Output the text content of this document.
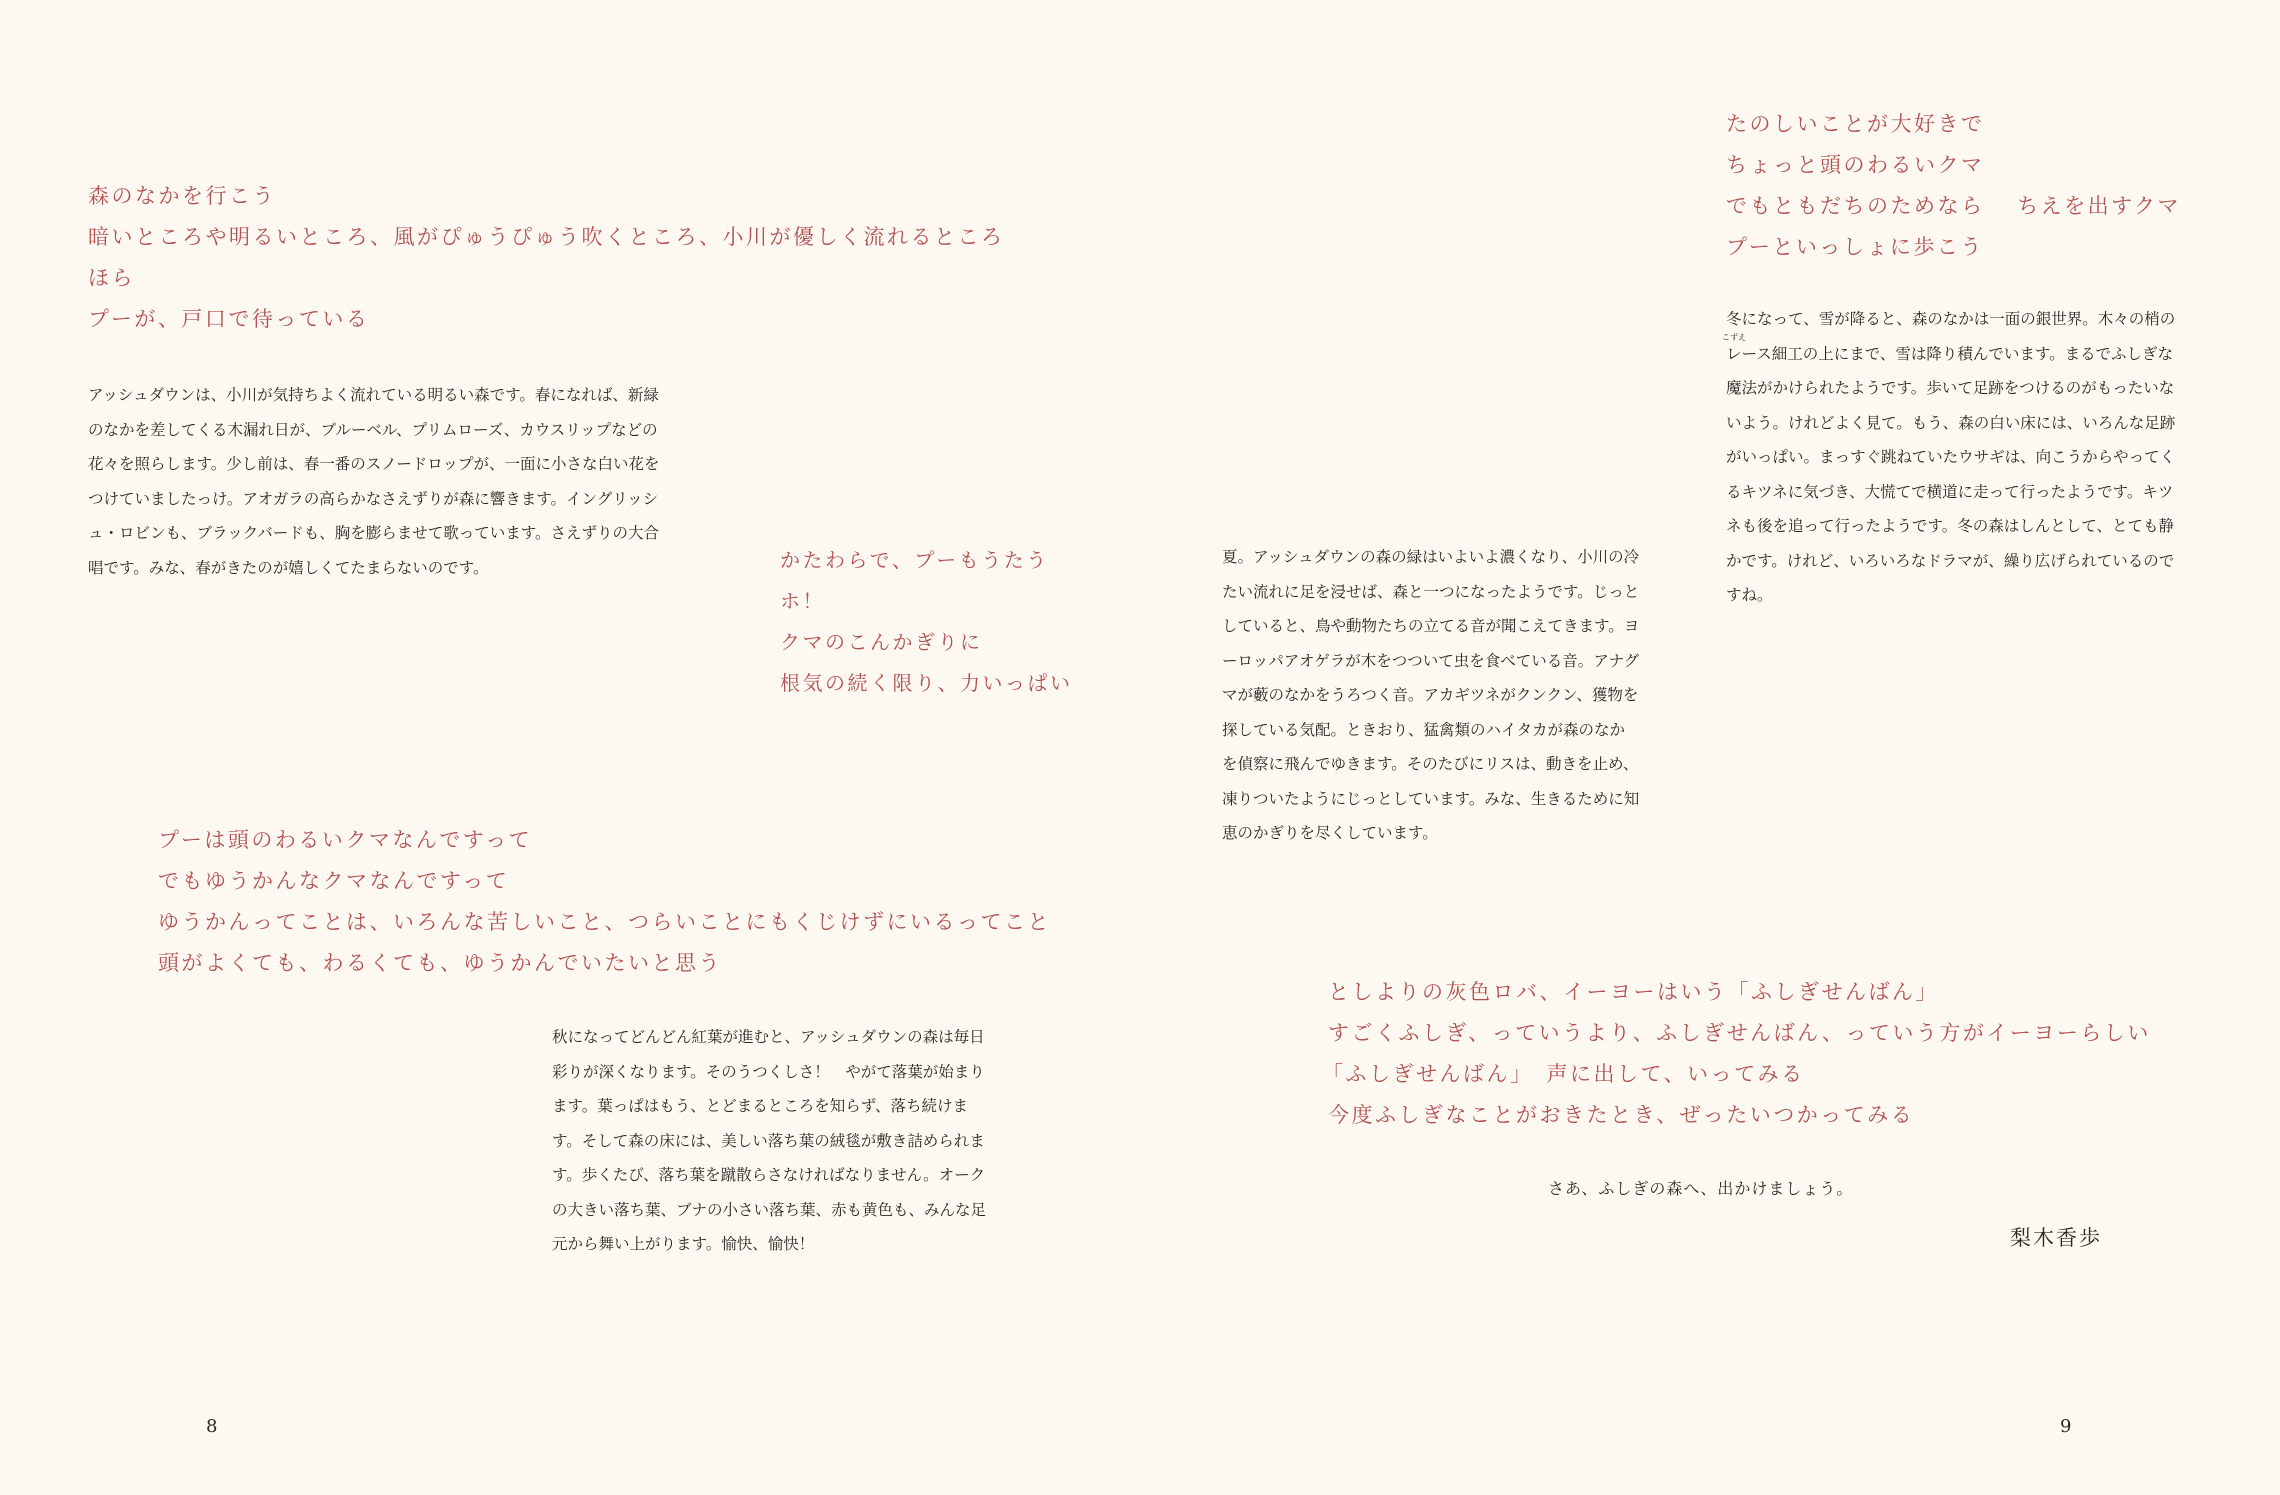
森のなかを行こう
暗いところや明るいところ、風がぴゅうぴゅう吹くところ、小川が優しく流れるところ
ほら
プーが、戸口で待っている

アッシュダウンは、小川が気持ちよく流れている明るい森です。春になれば、新緑のなかを差してくる木漏れ日が、ブルーベル、プリムローズ、カウスリップなどの花々を照らします。少し前は、春一番のスノードロップが、一面に小さな白い花をつけていましたっけ。アオガラの高らかなさえずりが森に響きます。イングリッシュ・ロビンも、ブラックバードも、胸を膨らませて歌っています。さえずりの大合唱です。みな、春がきたのが嬉しくてたまらないのです。	かたわらで、プーもうたう
ホ！
クマのこんかぎりに
根気の続く限り、力いっぱい
プーは頭のわるいクマなんですって
でもゆうかんなクマなんですって
ゆうかんってことは、いろんな苦しいこと、つらいことにもくじけずにいるってこと
頭がよくても、わるくても、ゆうかんでいたいと思う

秋になってどんどん紅葉が進むと、アッシュダウンの森は毎日彩りが深くなります。そのうつくしさ！　やがて落葉が始まります。葉っぱはもう、とどまるところを知らず、落ち続けます。そして森の床には、美しい落ち葉の絨毯が敷き詰められます。歩くたび、落ち葉を蹴散らさなければなりません。オークの大きい落ち葉、ブナの小さい落ち葉、赤も黄色も、みんな足元から舞い上がります。愉快、愉快！

8

夏。アッシュダウンの森の緑はいよいよ濃くなり、小川の冷たい流れに足を浸せば、森と一つになったようです。じっとしていると、鳥や動物たちの立てる音が聞こえてきます。ヨーロッパアオゲラが木をつついて虫を食べている音。アナグマが藪のなかをうろつく音。アカギツネがクンクン、獲物を探している気配。ときおり、猛禽類のハイタカが森のなかを偵察に飛んでゆきます。そのたびにリスは、動きを止め、凍りついたようにじっとしています。みな、生きるために知恵のかぎりを尽くしています。

たのしいことが大好きで
ちょっと頭のわるいクマ
でもともだちのためなら　 ちえを出すクマ
プーといっしょに歩こう

冬になって、雪が降ると、森のなかは一面の銀世界。木々の梢のレース細工の上にまで、雪は降り積んでいます。まるでふしぎな魔法がかけられたようです。歩いて足跡をつけるのがもったいないよう。けれどよく見て。もう、森の白い床には、いろんな足跡がいっぱい。まっすぐ跳ねていたウサギは、向こうからやってくるキツネに気づき、大慌てで横道に走って行ったようです。キツネも後を追って行ったようです。冬の森はしんとして、とても静かです。けれど、いろいろなドラマが、繰り広げられているのですね。

こずえ
としよりの灰色ロバ、イーヨーはいう「ふしぎせんばん」
すごくふしぎ、っていうより、ふしぎせんばん、っていう方がイーヨーらしい
「ふしぎせんばん」　声に出して、いってみる
今度ふしぎなことがおきたとき、ぜったいつかってみる
さあ、ふしぎの森へ、出かけましょう。
梨木香歩
9
